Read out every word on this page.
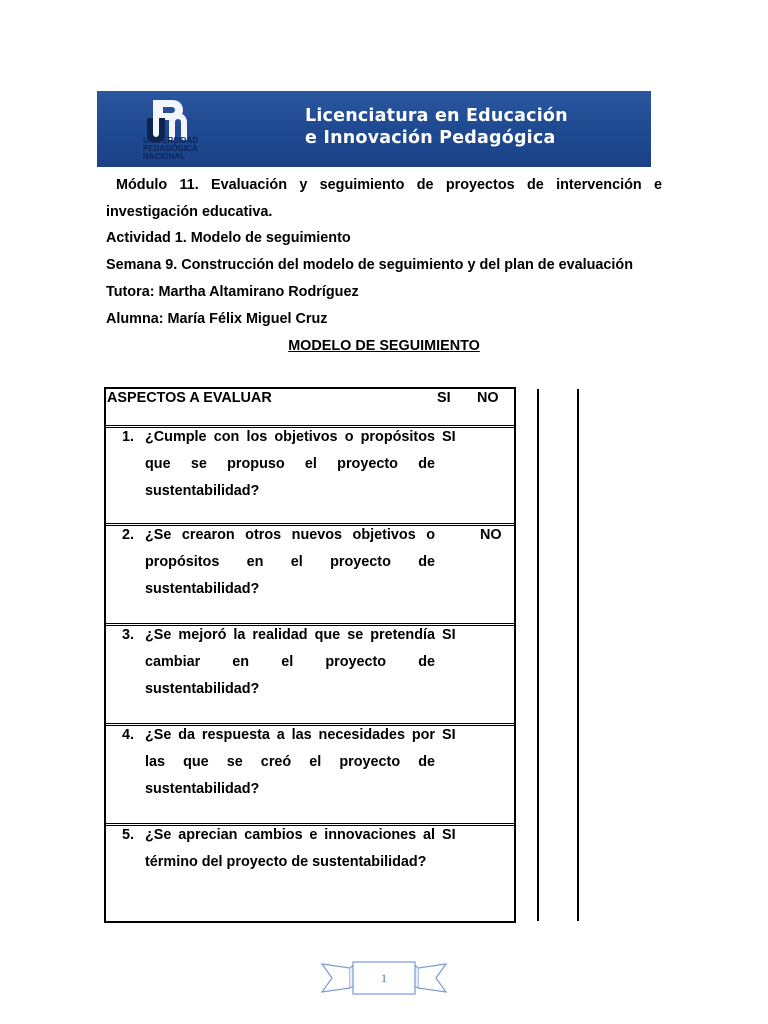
UNIVERSIDAD
PEDAGÓGICA
NACIONAL
Licenciatura en Educación
e Innovación Pedagógica
Módulo 11. Evaluación y seguimiento de proyectos de intervención e investigación educativa.
Actividad 1. Modelo de seguimiento
Semana 9. Construcción del modelo de seguimiento y del plan de evaluación
Tutora: Martha Altamirano Rodríguez
Alumna: María Félix Miguel Cruz
MODELO DE SEGUIMIENTO
ASPECTOS A EVALUAR	SI NO
1. ¿Cumple con los objetivos o propósitos que se propuso el proyecto de sustentabilidad?
SI
2. ¿Se crearon otros nuevos objetivos o propósitos en el proyecto de sustentabilidad?
NO
3. ¿Se mejoró la realidad que se pretendía cambiar en el proyecto de sustentabilidad?
SI
4. ¿Se da respuesta a las necesidades por las que se creó el proyecto de sustentabilidad?
SI
5. ¿Se aprecian cambios e innovaciones al término del proyecto de sustentabilidad?
SI
1
